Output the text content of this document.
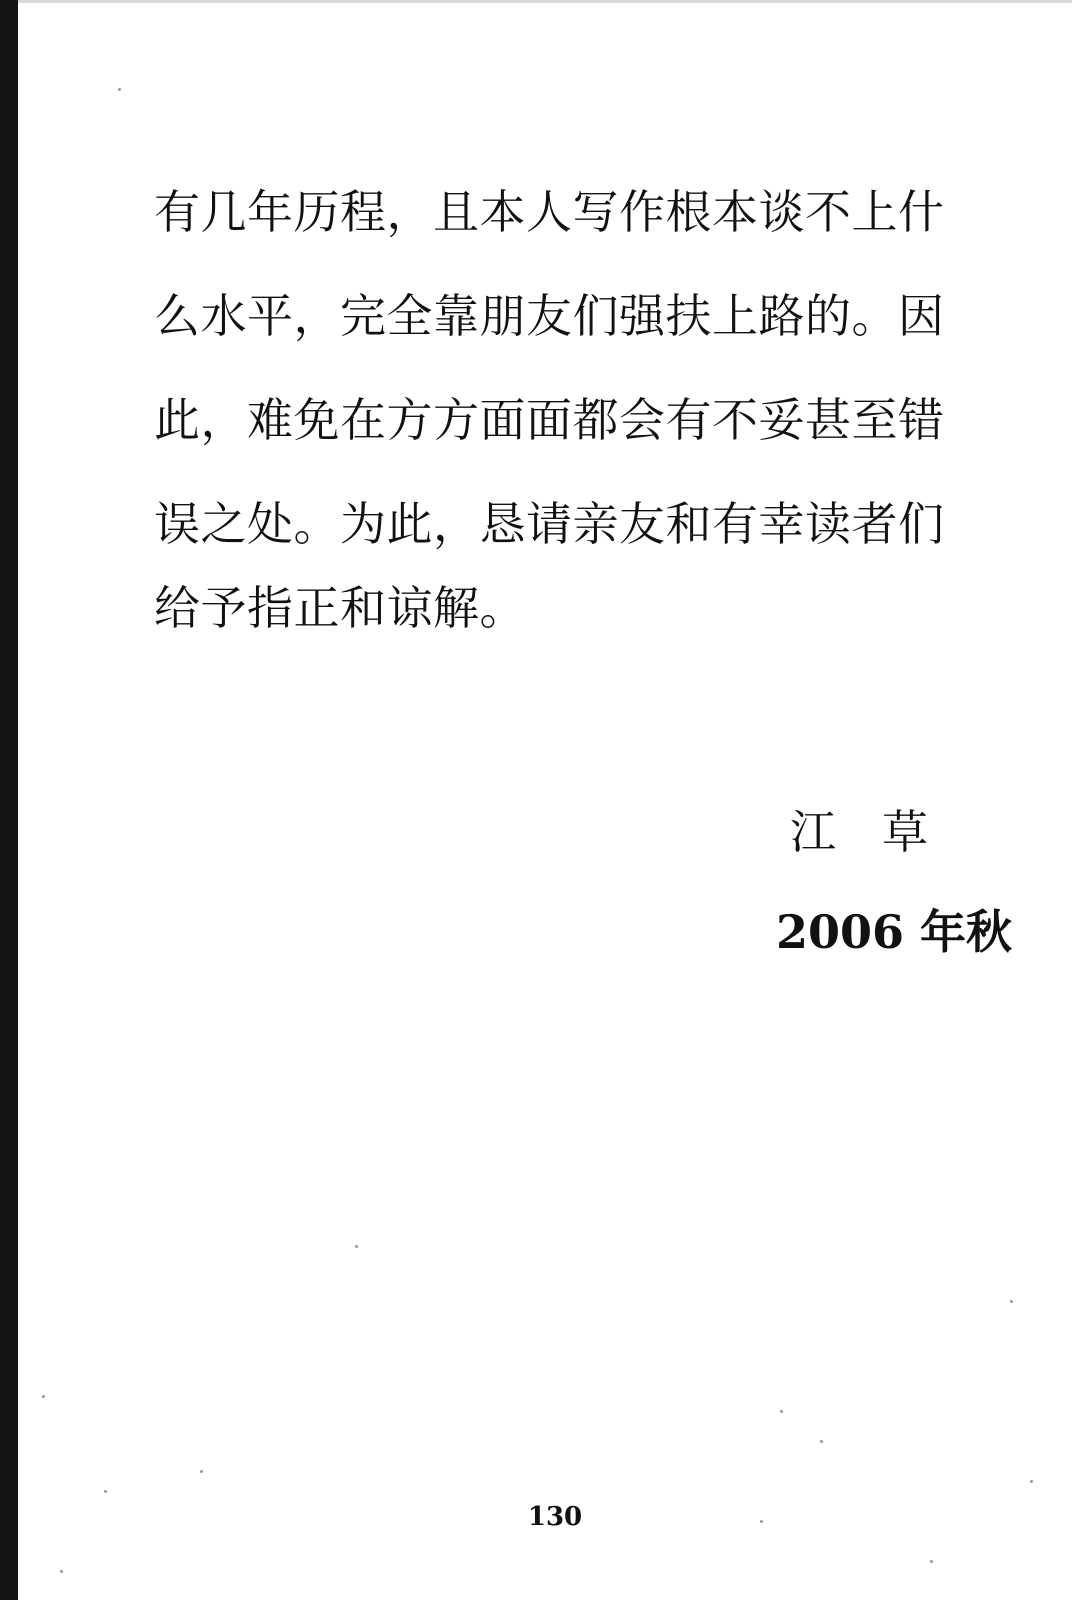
有几年历程，且本人写作根本谈不上什
么水平，完全靠朋友们强扶上路的。因
此，难免在方方面面都会有不妥甚至错
误之处。为此，恳请亲友和有幸读者们
给予指正和谅解。
江　草
2006 年秋
130
